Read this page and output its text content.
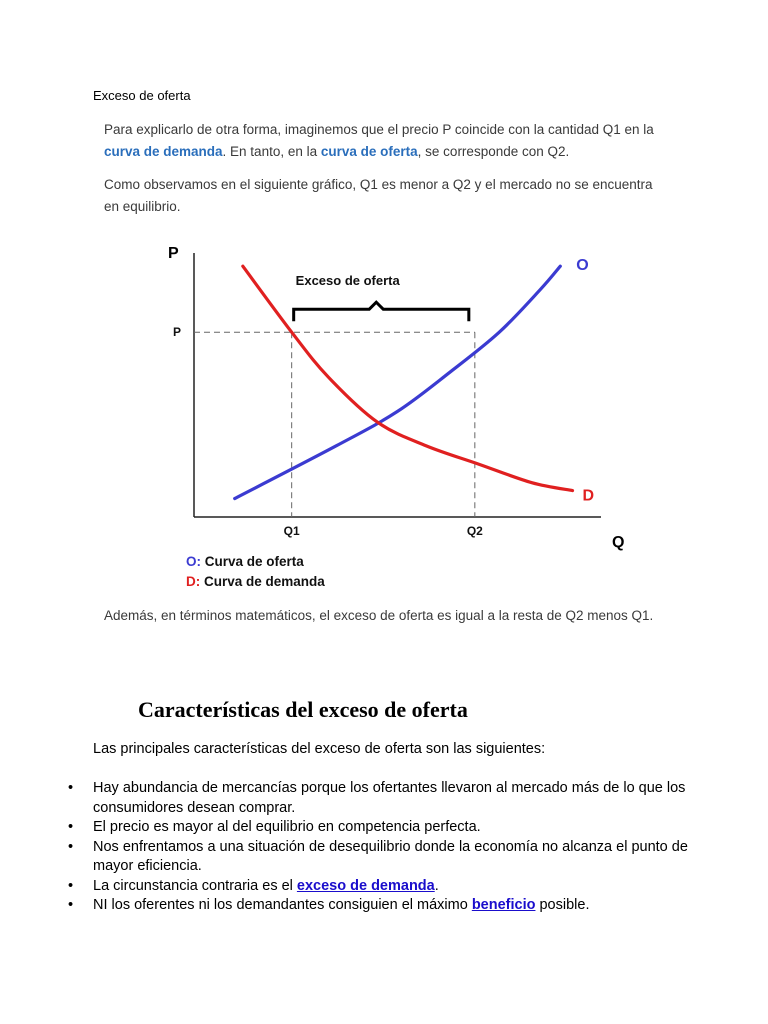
Exceso de oferta
Para explicarlo de otra forma, imaginemos que el precio P coincide con la cantidad Q1 en la
curva de demanda. En tanto, en la curva de oferta, se corresponde con Q2.
Como observamos en el siguiente gráfico, Q1 es menor a Q2 y el mercado no se encuentra
en equilibrio.
P
Q
O
D
P
Q1	Q2
Exceso de oferta
O: Curva de oferta
D: Curva de demanda
Además, en términos matemáticos, el exceso de oferta es igual a la resta de Q2 menos Q1.
Características del exceso de oferta
Las principales características del exceso de oferta son las siguientes:
• Hay abundancia de mercancías porque los ofertantes llevaron al mercado más de lo que los consumidores desean comprar.
• El precio es mayor al del equilibrio en competencia perfecta.
• Nos enfrentamos a una situación de desequilibrio donde la economía no alcanza el punto de mayor eficiencia.
• La circunstancia contraria es el exceso de demanda.
• NI los oferentes ni los demandantes consiguien el máximo beneficio posible.
